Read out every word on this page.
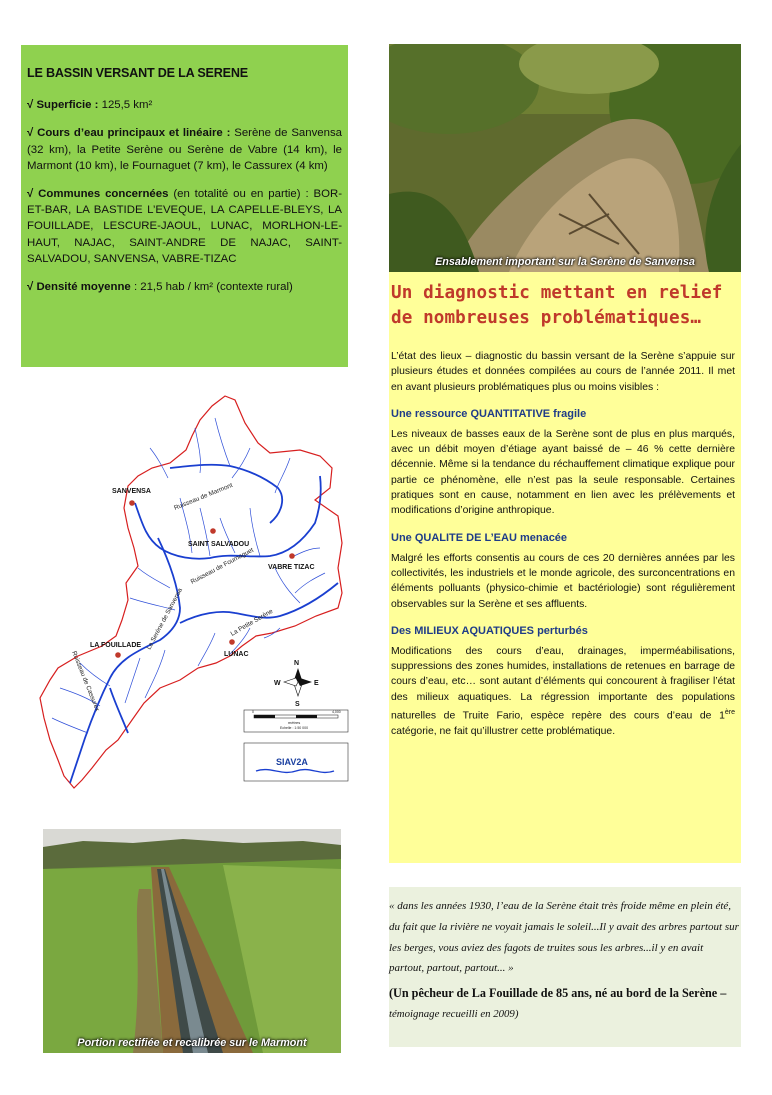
LE BASSIN VERSANT DE LA SERENE

√ Superficie : 125,5 km²

√ Cours d’eau principaux et linéaire : Serène de Sanvensa (32 km), la Petite Serène ou Serène de Vabre (14 km), le Marmont (10 km), le Fournaguet (7 km), le Cassurex (4 km)

√ Communes concernées (en totalité ou en partie) : BOR-ET-BAR, LA BASTIDE L’EVEQUE, LA CAPELLE-BLEYS, LA FOUILLADE, LESCURE-JAOUL, LUNAC, MORLHON-LE-HAUT, NAJAC, SAINT-ANDRE DE NAJAC, SAINT-SALVADOU, SANVENSA, VABRE-TIZAC

√ Densité moyenne : 21,5 hab / km² (contexte rural)

Ensablement important sur la Serène de Sanvensa
Un diagnostic mettant en relief de nombreuses problématiques…

L’état des lieux – diagnostic du bassin versant de la Serène s’appuie sur plusieurs études et données compilées au cours de l’année 2011. Il met en avant plusieurs problématiques plus ou moins visibles :

Une ressource QUANTITATIVE fragile

Les niveaux de basses eaux de la Serène sont de plus en plus marqués, avec un débit moyen d’étiage ayant baissé de – 46 % cette dernière décennie. Même si la tendance du réchauffement climatique explique pour partie ce phénomène, elle n’est pas la seule responsable. Certaines pratiques sont en cause, notamment en lien avec les prélèvements et modifications d’origine anthropique.

Une QUALITE DE L’EAU menacée

Malgré les efforts consentis au cours de ces 20 dernières années par les collectivités, les industriels et le monde agricole, des surconcentrations en éléments polluants (physico-chimie et bactériologie) sont régulièrement observables sur la Serène et ses affluents.

Des MILIEUX AQUATIQUES perturbés

Modifications des cours d’eau, drainages, imperméabilisations, suppressions des zones humides, installations de retenues en barrage de cours d’eau, etc… sont autant d’éléments qui concourent à fragiliser l’état des milieux aquatiques. La régression importante des populations naturelles de Truite Fario, espèce repère des cours d’eau de 1ère catégorie, ne fait qu’illustrer cette problématique.

SANVENSA
SAINT SALVADOU
VABRE TIZAC
LA FOUILLADE
LUNAC
Ruisseau de Marmont
Ruisseau de Fournaguet
La Serène de Sanvensa	La Petite Serène
Ruisseau de Cassurex	N
S
E
W
0	4,000
mètres
Echelle : 1:50 000
SIAV2A
Portion rectifiée et recalibrée sur le Marmont

« dans les années 1930, l’eau de la Serène était très froide même en plein été, du fait que la rivière ne voyait jamais le soleil...Il y avait des arbres partout sur les berges, vous aviez des fagots de truites sous les arbres...il y en avait partout, partout, partout... »

(Un pêcheur de La Fouillade de 85 ans, né au bord de la Serène – témoignage recueilli en 2009)
